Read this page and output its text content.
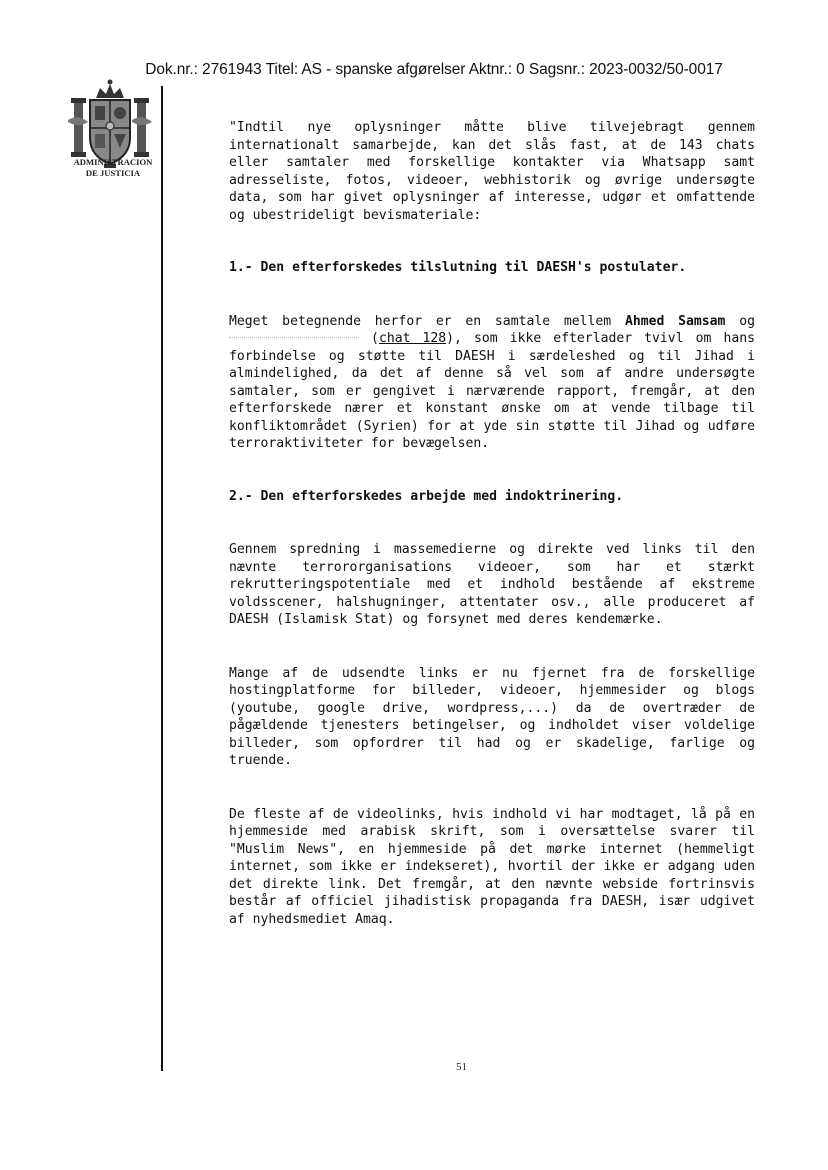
Dok.nr.: 2761943 Titel: AS - spanske afgørelser Aktnr.: 0 Sagsnr.: 2023-0032/50-0017
ADMINISTRACION
DE JUSTICIA

"Indtil nye oplysninger måtte blive tilvejebragt gennem internationalt samarbejde, kan det slås fast, at de 143 chats eller samtaler med forskellige kontakter via Whatsapp samt adresseliste, fotos, videoer, webhistorik og øvrige undersøgte data, som har givet oplysninger af interesse, udgør et omfattende og ubestrideligt bevismateriale:

1.- Den efterforskedes tilslutning til DAESH's postulater.

Meget betegnende herfor er en samtale mellem Ahmed Samsam og  (chat 128), som ikke efterlader tvivl om hans forbindelse og støtte til DAESH i særdeleshed og til Jihad i almindelighed, da det af denne så vel som af andre undersøgte samtaler, som er gengivet i nærværende rapport, fremgår, at den efterforskede nærer et konstant ønske om at vende tilbage til konfliktområdet (Syrien) for at yde sin støtte til Jihad og udføre terroraktiviteter for bevægelsen.

2.- Den efterforskedes arbejde med indoktrinering.

Gennem spredning i massemedierne og direkte ved links til den nævnte terrororganisations videoer, som har et stærkt rekrutteringspotentiale med et indhold bestående af ekstreme voldsscener, halshugninger, attentater osv., alle produceret af DAESH (Islamisk Stat) og forsynet med deres kendemærke.

Mange af de udsendte links er nu fjernet fra de forskellige hostingplatforme for billeder, videoer, hjemmesider og blogs (youtube, google drive, wordpress,...) da de overtræder de pågældende tjenesters betingelser, og indholdet viser voldelige billeder, som opfordrer til had og er skadelige, farlige og truende.

De fleste af de videolinks, hvis indhold vi har modtaget, lå på en hjemmeside med arabisk skrift, som i oversættelse svarer til "Muslim News", en hjemmeside på det mørke internet (hemmeligt internet, som ikke er indekseret), hvortil der ikke er adgang uden det direkte link. Det fremgår, at den nævnte webside fortrinsvis består af officiel jihadistisk propaganda fra DAESH, især udgivet af nyhedsmediet Amaq.

51
